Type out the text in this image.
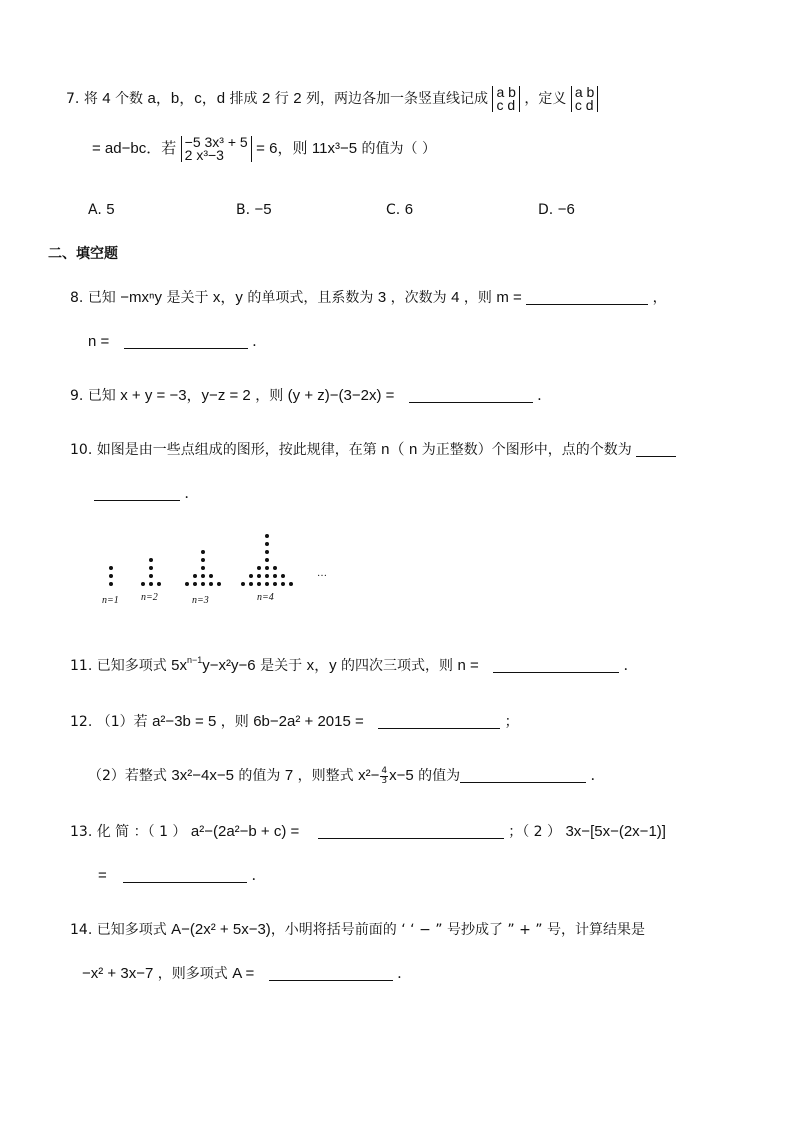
7. 将 4 个数 a，b，c，d 排成 2 行 2 列，两边各加一条竖直线记成 a b
c d ，定义 a b
c d
= ad−bc．若 −5 3x³ + 5
2 x³−3	= 6，则 11x³−5 的值为（ ）
A. 5	B. −5	C. 6	D. −6
二、填空题
8. 已知 −mxⁿy 是关于 x，y 的单项式，且系数为 3 ，次数为 4 ，则 m =	，
n =	．
9. 已知 x + y = −3，y−z = 2 ，则 (y + z)−(3−2x) =	．
10. 如图是由一些点组成的图形，按此规律，在第 n（ n 为正整数）个图形中，点的个数为
．
n=1 n=2	n=3	n=4
…
11. 已知多项式 $5x^{n-1}y-x^2y-6$ 是关于 x，y 的四次三项式，则 n =	．
12. （1）若 a²−3b = 5 ，则 6b−2a² + 2015 =	；
（2）若整式 3x²−4x−5 的值为 7 ，则整式 $x^2- \frac{4}{3} x-5$ 的值为	．
13. 化 简 ：（ 1 ） a²−(2a²−b + c) =	；（ 2 ） 3x−[5x−(2x−1)]
=	．
14. 已知多项式 A−(2x² + 5x−3)，小明将括号前面的 ‘ ‘ − ” 号抄成了 ” + ” 号，计算结果是
−x² + 3x−7 ，则多项式 A =	．
